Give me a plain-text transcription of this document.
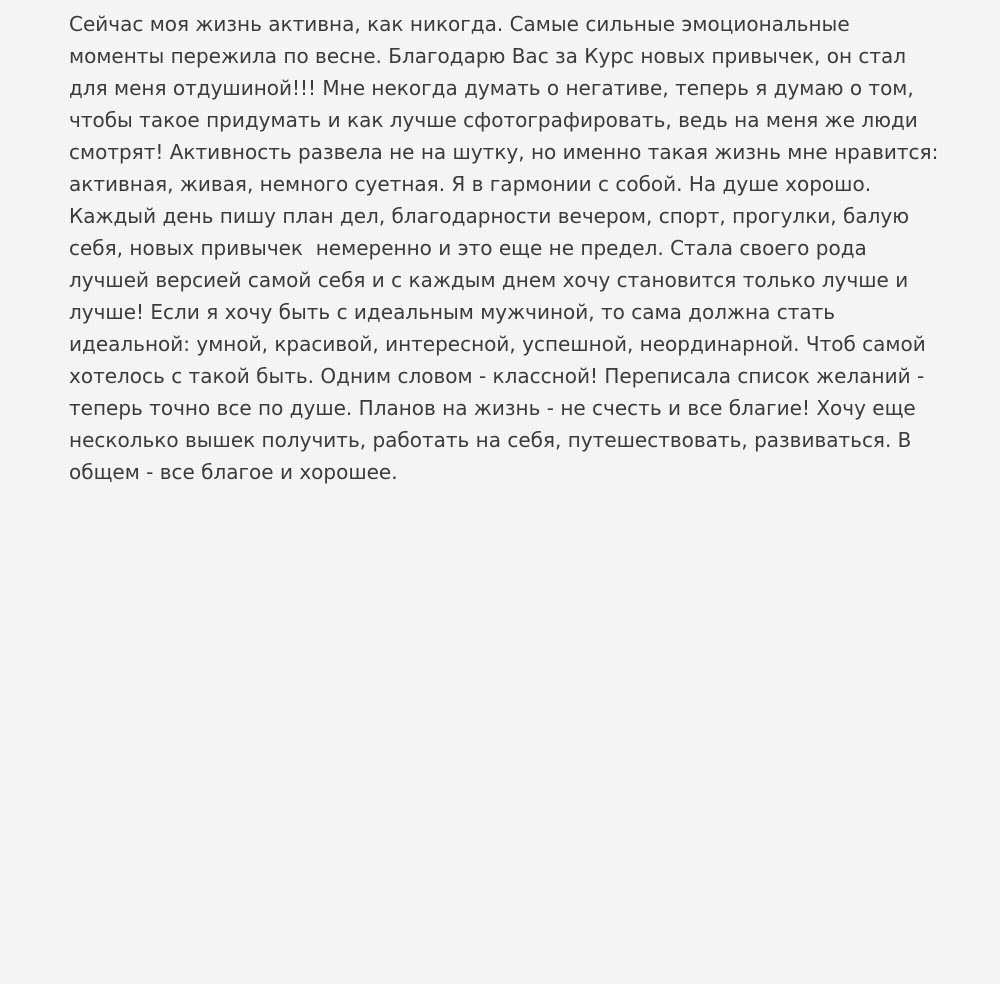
Сейчас моя жизнь активна, как никогда. Самые сильные эмоциональные
моменты пережила по весне. Благодарю Вас за Курс новых привычек, он стал
для меня отдушиной!!! Мне некогда думать о негативе, теперь я думаю о том,
чтобы такое придумать и как лучше сфотографировать, ведь на меня же люди
смотрят! Активность развела не на шутку, но именно такая жизнь мне нравится:
активная, живая, немного суетная. Я в гармонии с собой. На душе хорошо.
Каждый день пишу план дел, благодарности вечером, спорт, прогулки, балую
себя, новых привычек  немеренно и это еще не предел. Стала своего рода
лучшей версией самой себя и с каждым днем хочу становится только лучше и
лучше! Если я хочу быть с идеальным мужчиной, то сама должна стать
идеальной: умной, красивой, интересной, успешной, неординарной. Чтоб самой
хотелось с такой быть. Одним словом - классной! Переписала список желаний -
теперь точно все по душе. Планов на жизнь - не счесть и все благие! Хочу еще
несколько вышек получить, работать на себя, путешествовать, развиваться. В
общем - все благое и хорошее.
